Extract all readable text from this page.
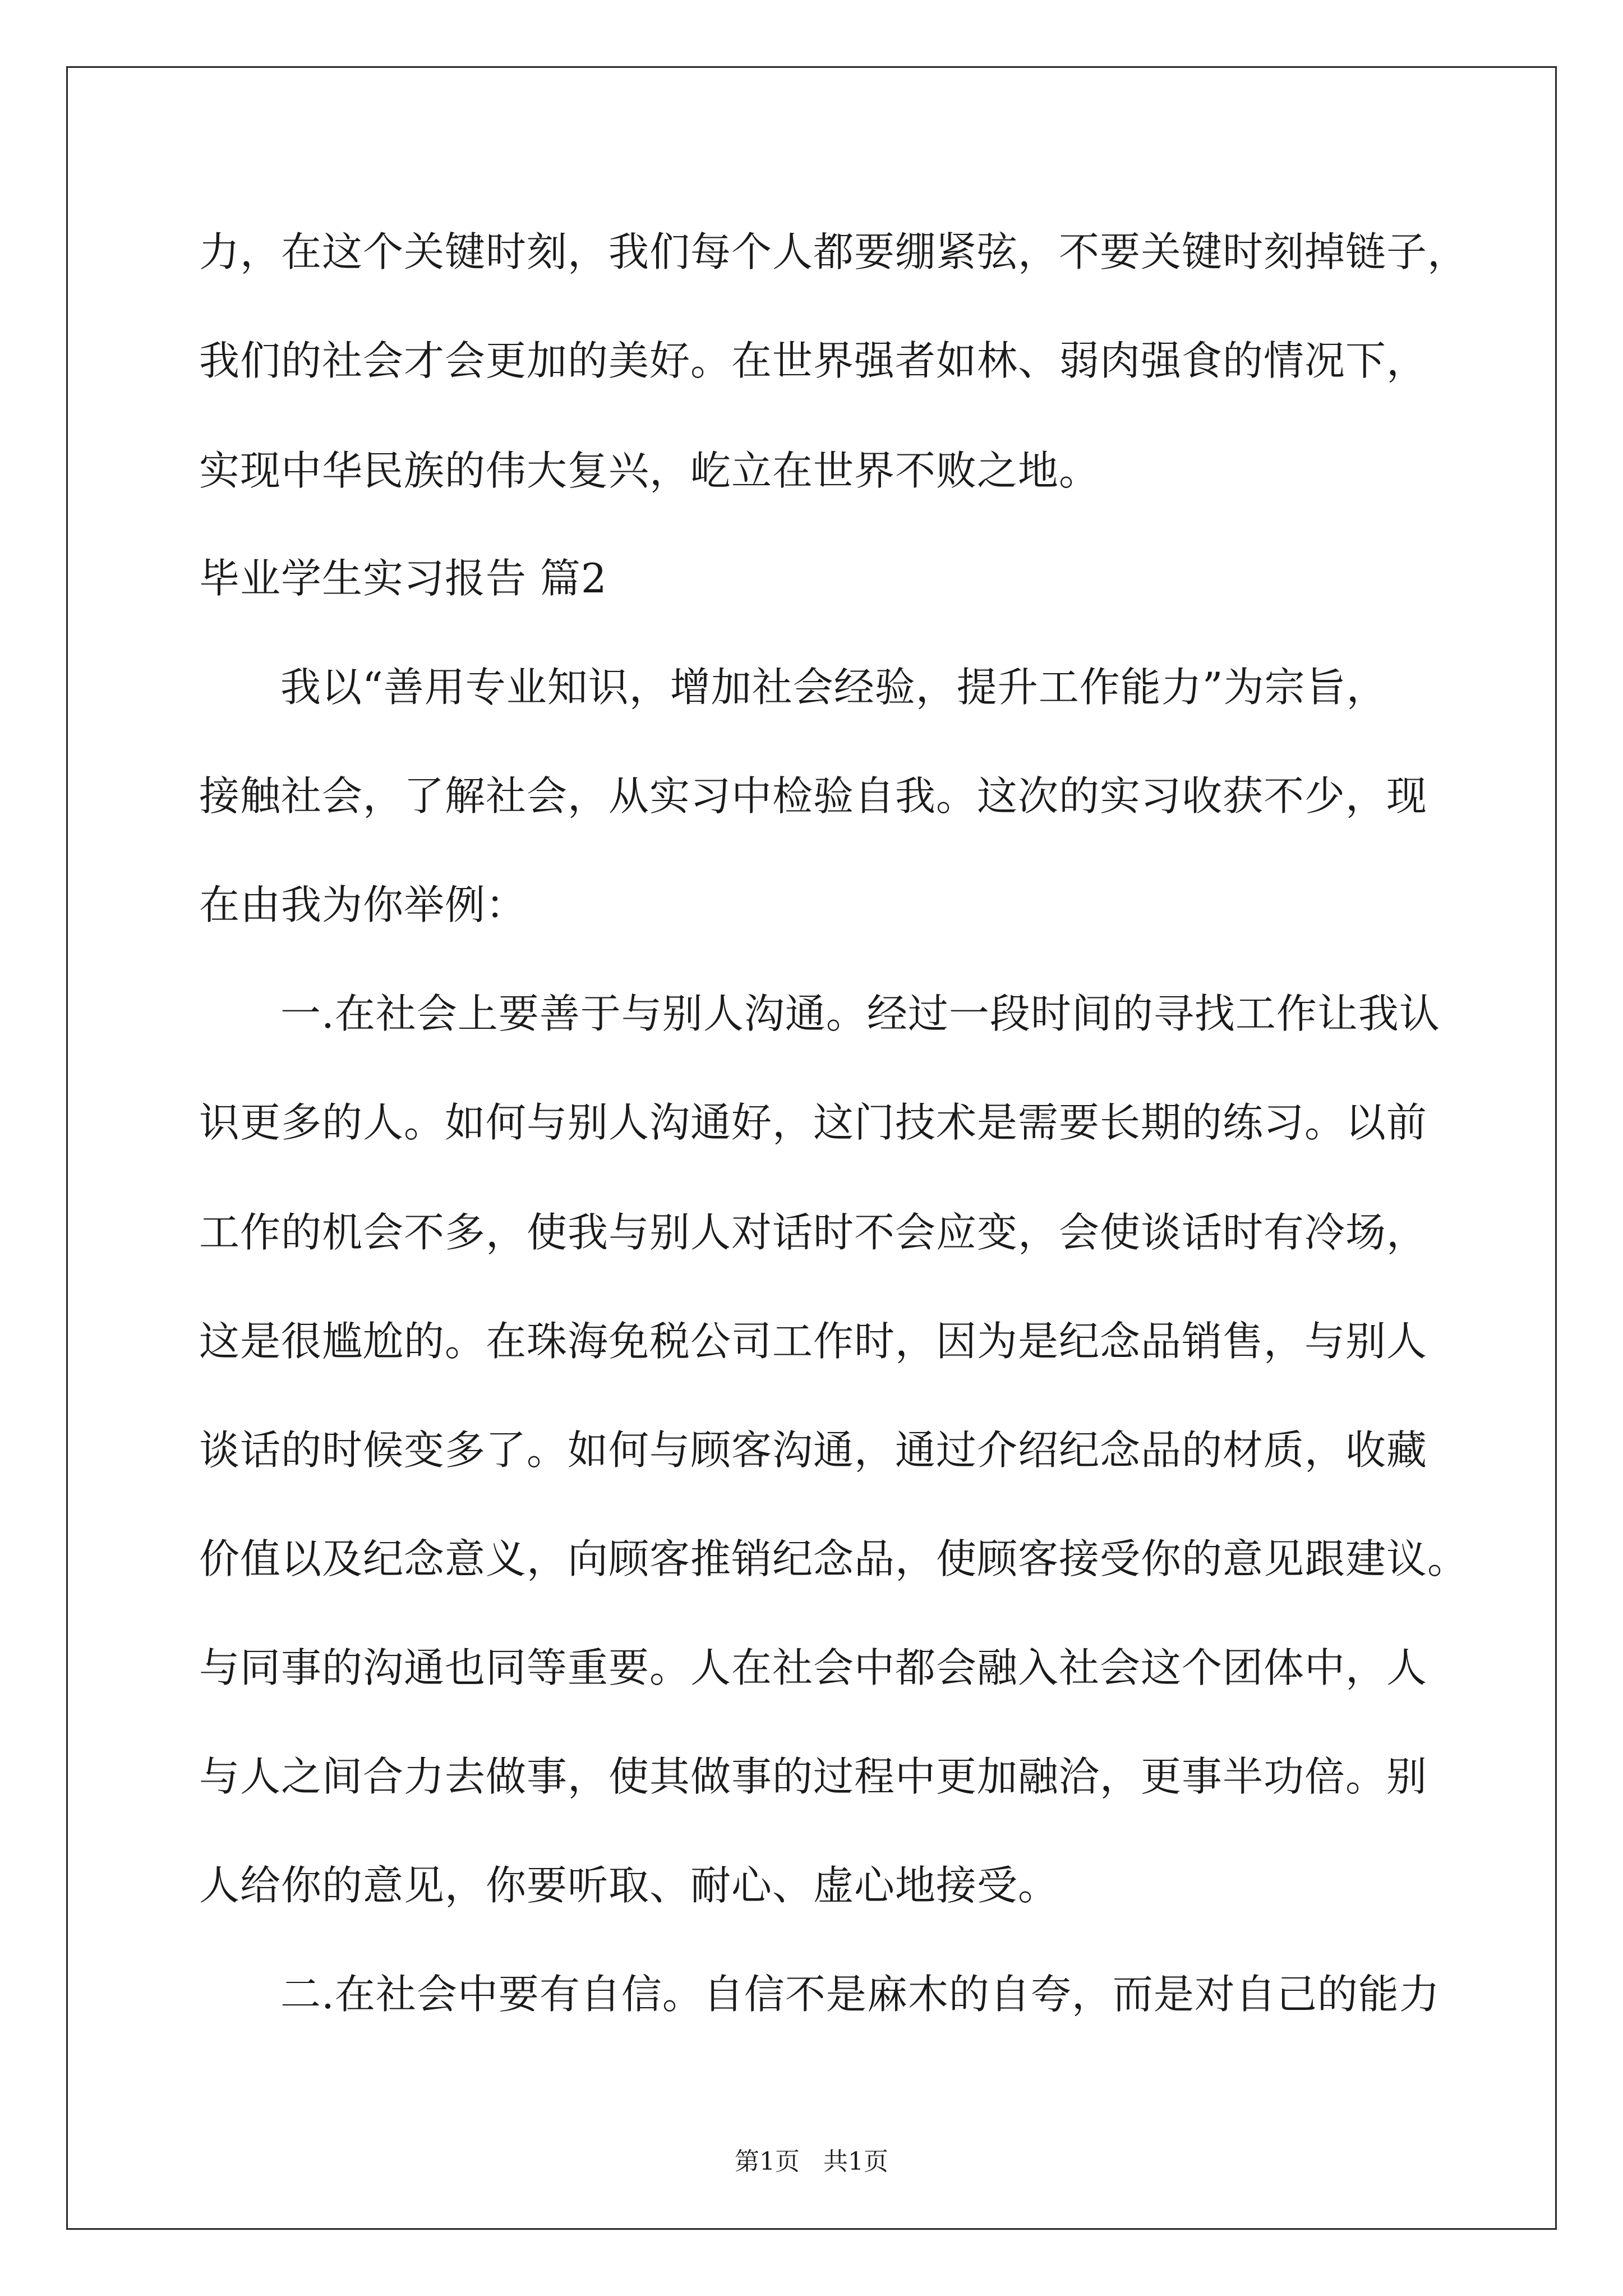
力，在这个关键时刻，我们每个人都要绷紧弦，不要关键时刻掉链子，
我们的社会才会更加的美好。在世界强者如林、弱肉强食的情况下，
实现中华民族的伟大复兴，屹立在世界不败之地。
毕业学生实习报告 篇2
我以“善用专业知识，增加社会经验，提升工作能力”为宗旨，
接触社会，了解社会，从实习中检验自我。这次的实习收获不少，现
在由我为你举例：
一.在社会上要善于与别人沟通。经过一段时间的寻找工作让我认
识更多的人。如何与别人沟通好，这门技术是需要长期的练习。以前
工作的机会不多，使我与别人对话时不会应变，会使谈话时有冷场，
这是很尴尬的。在珠海免税公司工作时，因为是纪念品销售，与别人
谈话的时候变多了。如何与顾客沟通，通过介绍纪念品的材质，收藏
价值以及纪念意义，向顾客推销纪念品，使顾客接受你的意见跟建议。
与同事的沟通也同等重要。人在社会中都会融入社会这个团体中，人
与人之间合力去做事，使其做事的过程中更加融洽，更事半功倍。别
人给你的意见，你要听取、耐心、虚心地接受。
二.在社会中要有自信。自信不是麻木的自夸，而是对自己的能力
第1页   共1页
